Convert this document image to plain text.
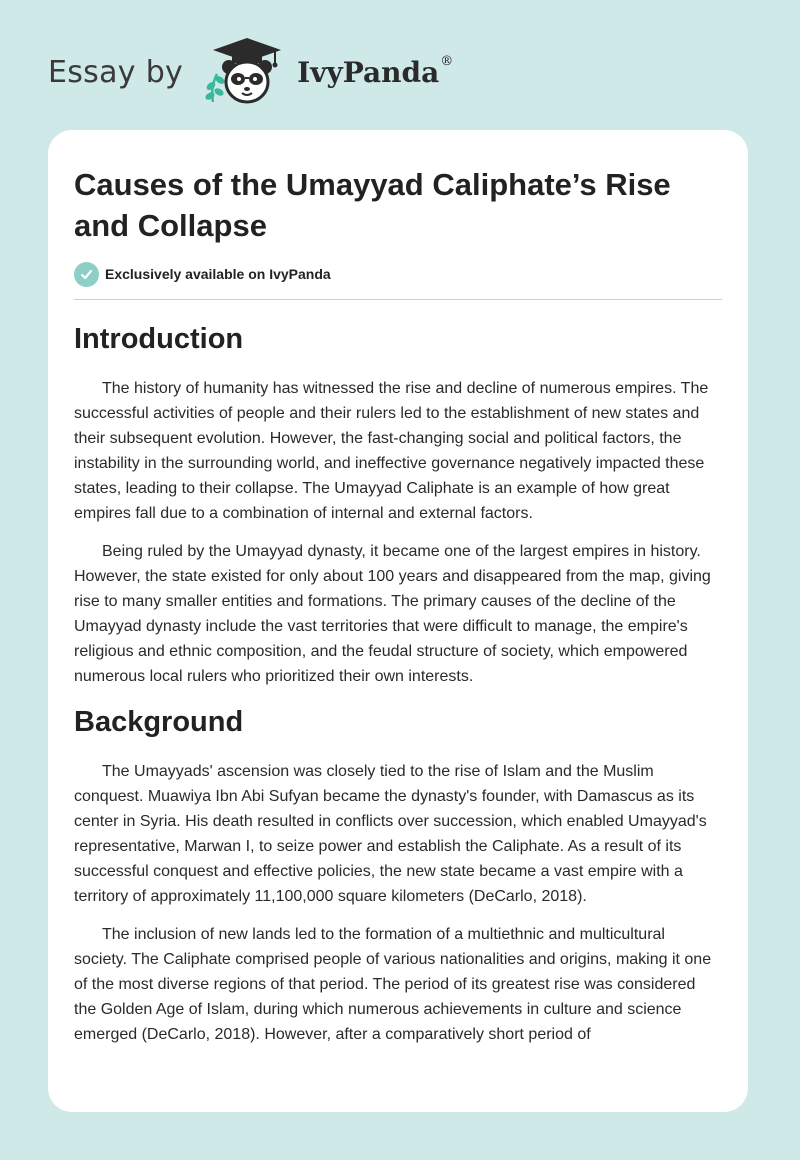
Essay by	IvyPanda®
Causes of the Umayyad Caliphate’s Rise and Collapse
Exclusively available on IvyPanda
Introduction

The history of humanity has witnessed the rise and decline of numerous empires. The successful activities of people and their rulers led to the establishment of new states and their subsequent evolution. However, the fast-changing social and political factors, the instability in the surrounding world, and ineffective governance negatively impacted these states, leading to their collapse. The Umayyad Caliphate is an example of how great empires fall due to a combination of internal and external factors.

Being ruled by the Umayyad dynasty, it became one of the largest empires in history. However, the state existed for only about 100 years and disappeared from the map, giving rise to many smaller entities and formations. The primary causes of the decline of the Umayyad dynasty include the vast territories that were difficult to manage, the empire's religious and ethnic composition, and the feudal structure of society, which empowered numerous local rulers who prioritized their own interests.

Background

The Umayyads' ascension was closely tied to the rise of Islam and the Muslim conquest. Muawiya Ibn Abi Sufyan became the dynasty's founder, with Damascus as its center in Syria. His death resulted in conflicts over succession, which enabled Umayyad's representative, Marwan I, to seize power and establish the Caliphate. As a result of its successful conquest and effective policies, the new state became a vast empire with a territory of approximately 11,100,000 square kilometers (DeCarlo, 2018).

The inclusion of new lands led to the formation of a multiethnic and multicultural society. The Caliphate comprised people of various nationalities and origins, making it one of the most diverse regions of that period. The period of its greatest rise was considered the Golden Age of Islam, during which numerous achievements in culture and science emerged (DeCarlo, 2018). However, after a comparatively short period of
